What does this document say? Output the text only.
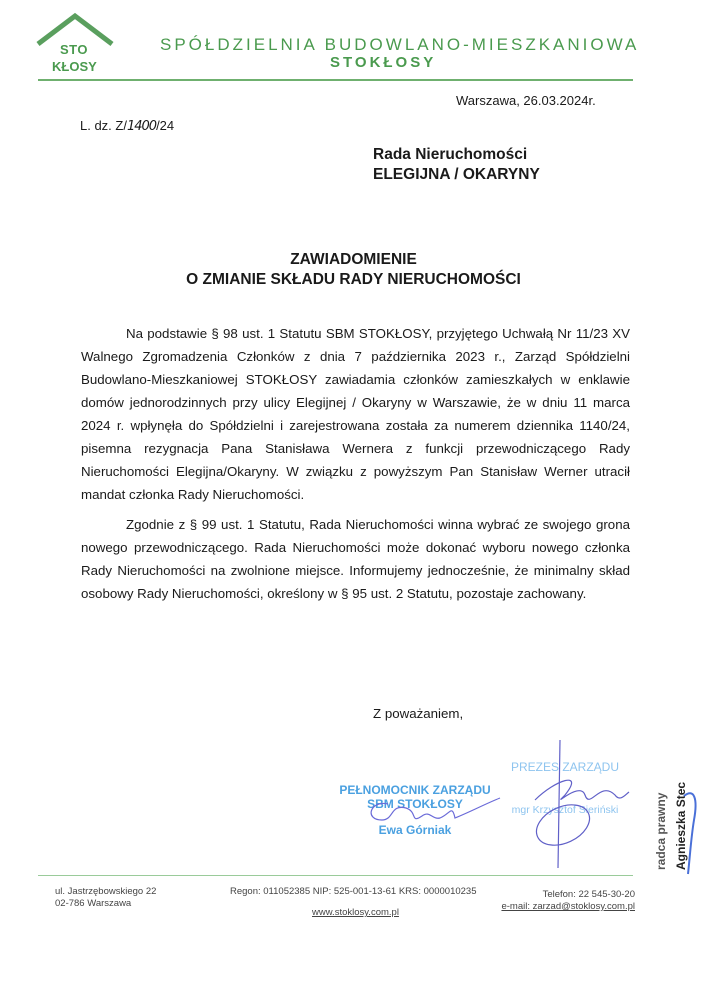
STO
KŁOSY
SPÓŁDZIELNIA BUDOWLANO-MIESZKANIOWA
STOKŁOSY
Warszawa, 26.03.2024r.
L. dz. Z/1400/24
Rada Nieruchomości
ELEGIJNA / OKARYNY
ZAWIADOMIENIE
O ZMIANIE SKŁADU RADY NIERUCHOMOŚCI

Na podstawie § 98 ust. 1 Statutu SBM STOKŁOSY, przyjętego Uchwałą Nr 11/23 XV Walnego Zgromadzenia Członków z dnia 7 października 2023 r., Zarząd Spółdzielni Budowlano-Mieszkaniowej STOKŁOSY zawiadamia członków zamieszkałych w enklawie domów jednorodzinnych przy ulicy Elegijnej / Okaryny w Warszawie, że w dniu 11 marca 2024 r. wpłynęła do Spółdzielni i zarejestrowana została za numerem dziennika 1140/24, pisemna rezygnacja Pana Stanisława Wernera z funkcji przewodniczącego Rady Nieruchomości Elegijna/Okaryny. W związku z powyższym Pan Stanisław Werner utracił mandat członka Rady Nieruchomości.

Zgodnie z § 99 ust. 1 Statutu, Rada Nieruchomości winna wybrać ze swojego grona nowego przewodniczącego. Rada Nieruchomości może dokonać wyboru nowego członka Rady Nieruchomości na zwolnione miejsce. Informujemy jednocześnie, że minimalny skład osobowy Rady Nieruchomości, określony w § 95 ust. 2 Statutu, pozostaje zachowany.

Z poważaniem,
PEŁNOMOCNIK ZARZĄDU
SBM STOKŁOSY
Ewa Górniak
PREZES ZARZĄDU
mgr Krzysztof Sieriński	radca prawny Agnieszka Stec
ul. Jastrzębowskiego 22
02-786 Warszawa
Regon: 011052385 NIP: 525-001-13-61 KRS: 0000010235
www.stoklosy.com.pl
Telefon: 22 545-30-20
e-mail: zarzad@stoklosy.com.pl
